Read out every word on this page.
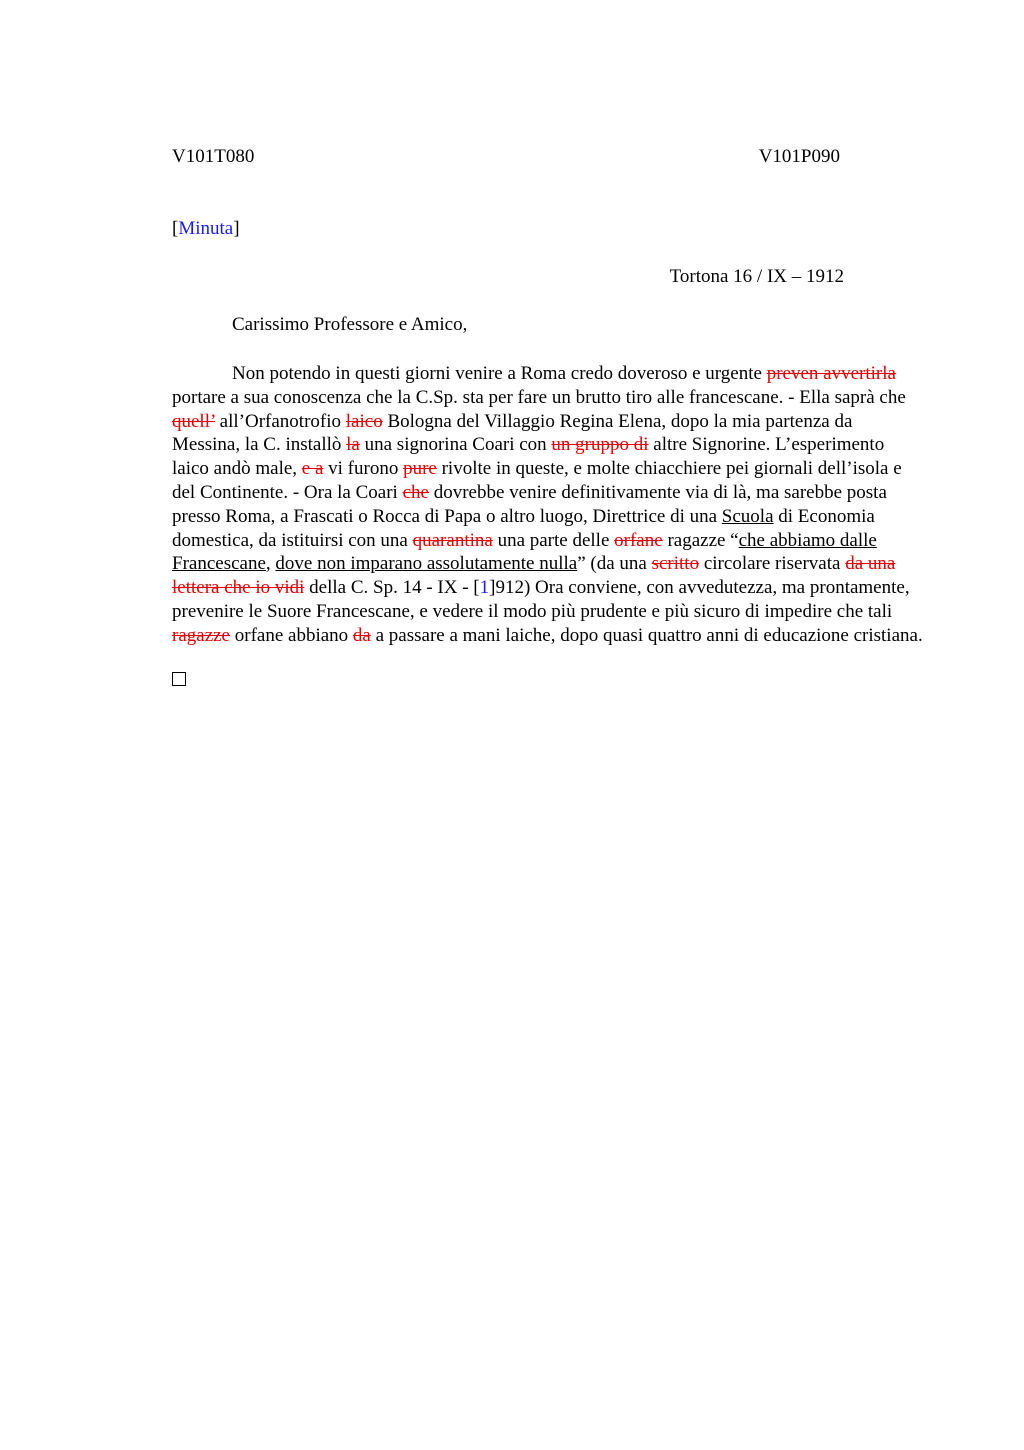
V101T080	V101P090
[Minuta]
Tortona 16 / IX – 1912
Carissimo Professore e Amico,

Non potendo in questi giorni venire a Roma credo doveroso e urgente preven avvertirla portare a sua conoscenza che la C.Sp. sta per fare un brutto tiro alle francescane. - Ella saprà che quell’ all’Orfanotrofio laico Bologna del Villaggio Regina Elena, dopo la mia partenza da Messina, la C. installò la una signorina Coari con un gruppo di altre Signorine. L’esperimento laico andò male, e a vi furono pure rivolte in queste, e molte chiacchiere pei giornali dell’isola e del Continente. - Ora la Coari che dovrebbe venire definitivamente via di là, ma sarebbe posta presso Roma, a Frascati o Rocca di Papa o altro luogo, Direttrice di una Scuola di Economia domestica, da istituirsi con una quarantina una parte delle orfane ragazze “che abbiamo dalle Francescane, dove non imparano assolutamente nulla” (da una scritto circolare riservata da una lettera che io vidi della C. Sp. 14 - IX - [1]912) Ora conviene, con avvedutezza, ma prontamente, prevenire le Suore Francescane, e vedere il modo più prudente e più sicuro di impedire che tali ragazze orfane abbiano da a passare a mani laiche, dopo quasi quattro anni di educazione cristiana.
